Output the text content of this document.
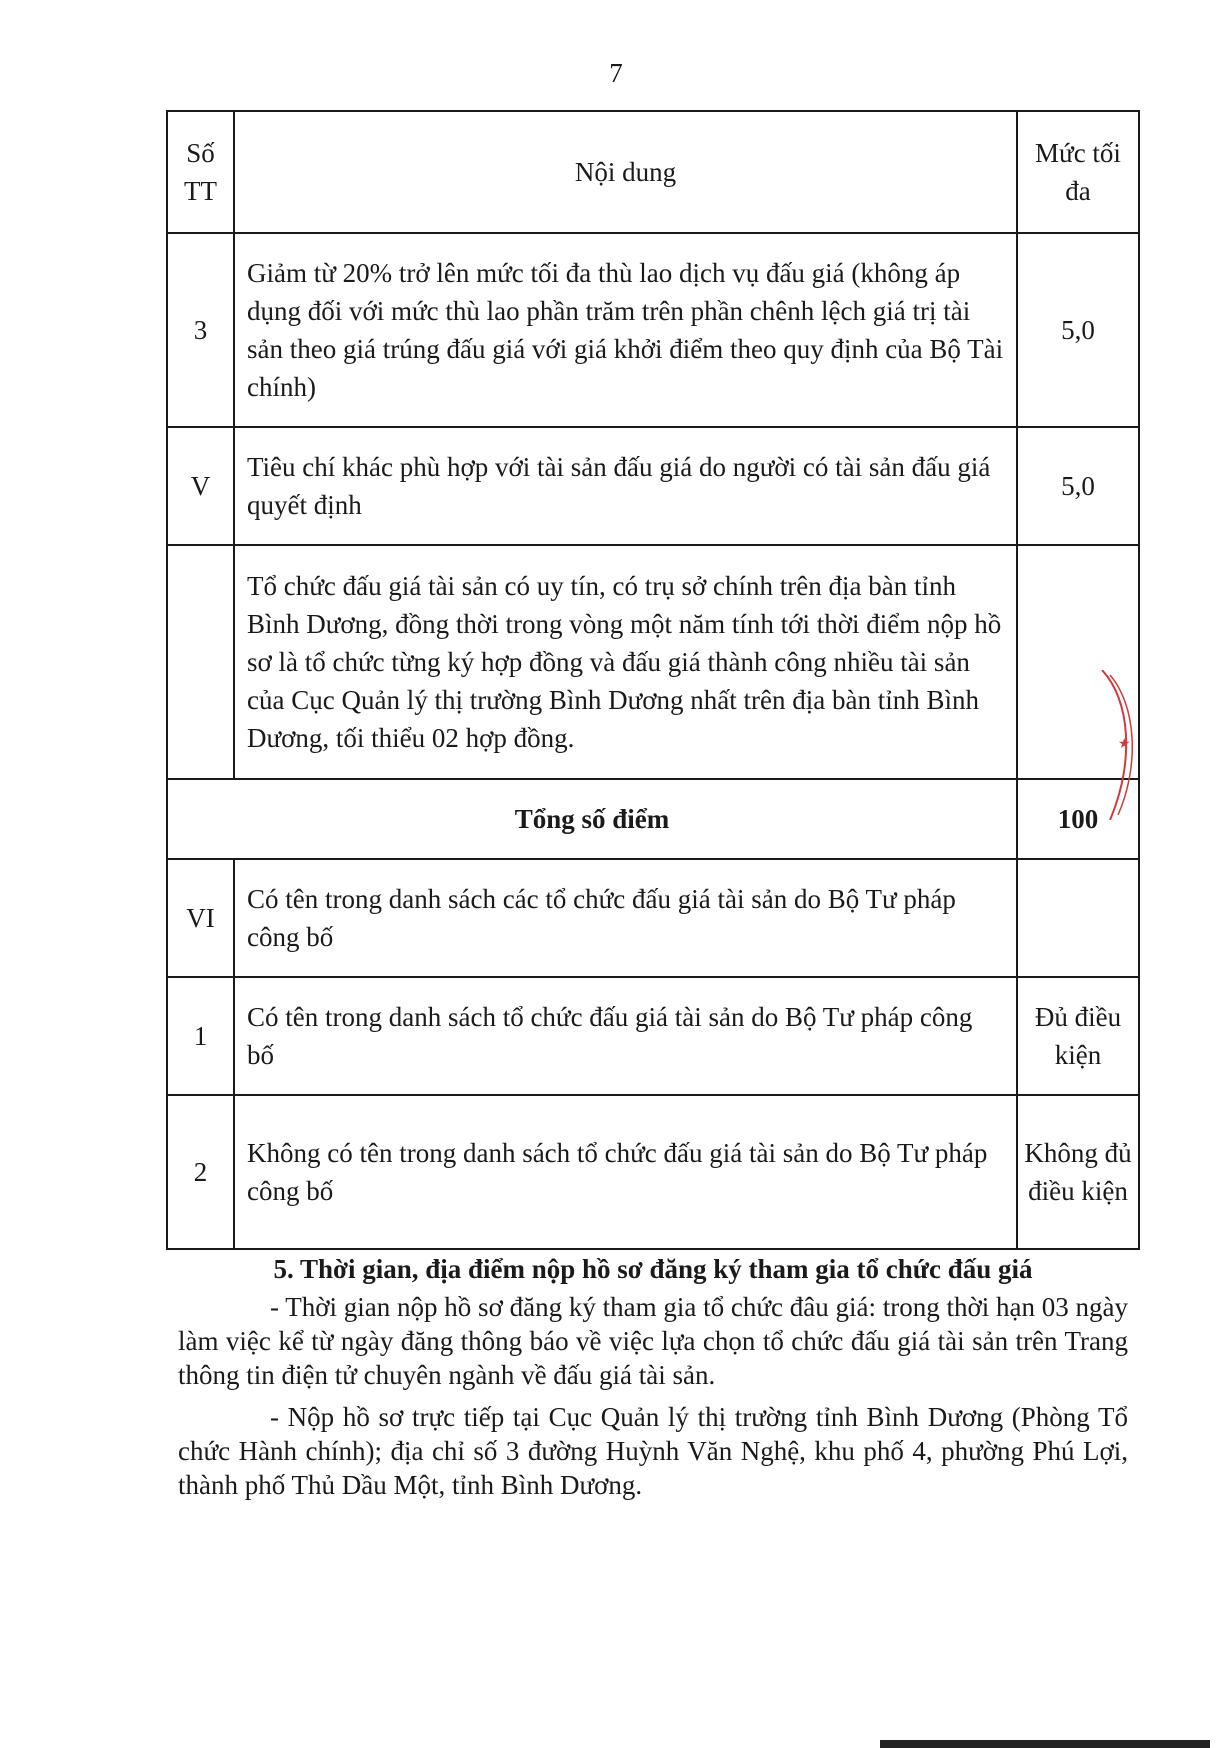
7
Số TT	Nội dung	Mức tối đa
3	Giảm từ 20% trở lên mức tối đa thù lao dịch vụ đấu giá (không áp dụng đối với mức thù lao phần trăm trên phần chênh lệch giá trị tài sản theo giá trúng đấu giá với giá khởi điểm theo quy định của Bộ Tài chính)	5,0
V	Tiêu chí khác phù hợp với tài sản đấu giá do người có tài sản đấu giá quyết định	5,0
	Tổ chức đấu giá tài sản có uy tín, có trụ sở chính trên địa bàn tỉnh Bình Dương, đồng thời trong vòng một năm tính tới thời điểm nộp hồ sơ là tổ chức từng ký hợp đồng và đấu giá thành công nhiều tài sản của Cục Quản lý thị trường Bình Dương nhất trên địa bàn tỉnh Bình Dương, tối thiểu 02 hợp đồng.	
Tổng số điểm		100
VI	Có tên trong danh sách các tổ chức đấu giá tài sản do Bộ Tư pháp công bố	
1	Có tên trong danh sách tổ chức đấu giá tài sản do Bộ Tư pháp công bố	Đủ điều kiện
2	Không có tên trong danh sách tổ chức đấu giá tài sản do Bộ Tư pháp công bố	Không đủ điều kiện
5. Thời gian, địa điểm nộp hồ sơ đăng ký tham gia tổ chức đấu giá

- Thời gian nộp hồ sơ đăng ký tham gia tổ chức đâu giá: trong thời hạn 03 ngày làm việc kể từ ngày đăng thông báo về việc lựa chọn tổ chức đấu giá tài sản trên Trang thông tin điện tử chuyên ngành về đấu giá tài sản.

- Nộp hồ sơ trực tiếp tại Cục Quản lý thị trường tỉnh Bình Dương (Phòng Tổ chức Hành chính); địa chỉ số 3 đường Huỳnh Văn Nghệ, khu phố 4, phường Phú Lợi, thành phố Thủ Dầu Một, tỉnh Bình Dương.

★
